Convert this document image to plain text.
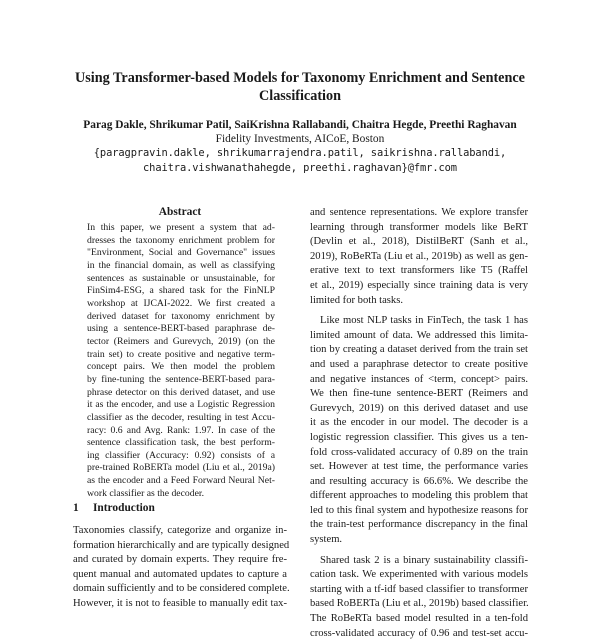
Using Transformer-based Models for Taxonomy Enrichment and Sentence
Classification
Parag Dakle, Shrikumar Patil, SaiKrishna Rallabandi, Chaitra Hegde, Preethi Raghavan
Fidelity Investments, AICoE, Boston
{paragpravin.dakle, shrikumarrajendra.patil, saikrishna.rallabandi,
chaitra.vishwanathahegde, preethi.raghavan}@fmr.com
Abstract
In this paper, we present a system that ad-
dresses the taxonomy enrichment problem for
"Environment, Social and Governance" issues
in the financial domain, as well as classifying
sentences as sustainable or unsustainable, for
FinSim4-ESG, a shared task for the FinNLP
workshop at IJCAI-2022. We first created a
derived dataset for taxonomy enrichment by
using a sentence-BERT-based paraphrase de-
tector (Reimers and Gurevych, 2019) (on the
train set) to create positive and negative term-
concept pairs. We then model the problem
by fine-tuning the sentence-BERT-based para-
phrase detector on this derived dataset, and use
it as the encoder, and use a Logistic Regression
classifier as the decoder, resulting in test Accu-
racy: 0.6 and Avg. Rank: 1.97. In case of the
sentence classification task, the best perform-
ing classifier (Accuracy: 0.92) consists of a
pre-trained RoBERTa model (Liu et al., 2019a)
as the encoder and a Feed Forward Neural Net-
work classifier as the decoder.
1 Introduction
Taxonomies classify, categorize and organize in-
formation hierarchically and are typically designed
and curated by domain experts. They require fre-
quent manual and automated updates to capture a
domain sufficiently and to be considered complete.
However, it is not to feasible to manually edit tax-
and sentence representations. We explore transfer
learning through transformer models like BeRT
(Devlin et al., 2018), DistilBeRT (Sanh et al.,
2019), RoBeRTa (Liu et al., 2019b) as well as gen-
erative text to text transformers like T5 (Raffel
et al., 2019) especially since training data is very
limited for both tasks.
Like most NLP tasks in FinTech, the task 1 has
limited amount of data. We addressed this limita-
tion by creating a dataset derived from the train set
and used a paraphrase detector to create positive
and negative instances of <term, concept> pairs.
We then fine-tune sentence-BERT (Reimers and
Gurevych, 2019) on this derived dataset and use
it as the encoder in our model. The decoder is a
logistic regression classifier. This gives us a ten-
fold cross-validated accuracy of 0.89 on the train
set. However at test time, the performance varies
and resulting accuracy is 66.6%. We describe the
different approaches to modeling this problem that
led to this final system and hypothesize reasons for
the train-test performance discrepancy in the final
system.
Shared task 2 is a binary sustainability classifi-
cation task. We experimented with various models
starting with a tf-idf based classifier to transformer
based RoBERTa (Liu et al., 2019b) based classifier.
The RoBeRTa based model resulted in a ten-fold
cross-validated accuracy of 0.96 and test-set accu-
